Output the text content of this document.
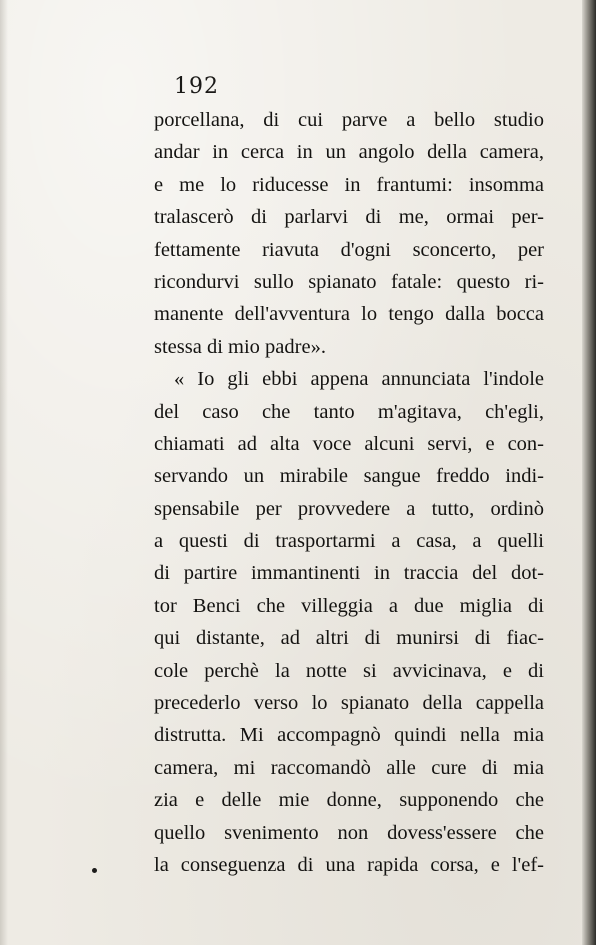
192
porcellana, di cui parve a bello studio
andar in cerca in un angolo della camera,
e me lo riducesse in frantumi: insomma
tralascerò di parlarvi di me, ormai per-
fettamente riavuta d'ogni sconcerto, per
ricondurvi sullo spianato fatale: questo ri-
manente dell'avventura lo tengo dalla bocca
stessa di mio padre».
« Io gli ebbi appena annunciata l'indole
del caso che tanto m'agitava, ch'egli,
chiamati ad alta voce alcuni servi, e con-
servando un mirabile sangue freddo indi-
spensabile per provvedere a tutto, ordinò
a questi di trasportarmi a casa, a quelli
di partire immantinenti in traccia del dot-
tor Benci che villeggia a due miglia di
qui distante, ad altri di munirsi di fiac-
cole perchè la notte si avvicinava, e di
precederlo verso lo spianato della cappella
distrutta. Mi accompagnò quindi nella mia
camera, mi raccomandò alle cure di mia
zia e delle mie donne, supponendo che
quello svenimento non dovess'essere che
la conseguenza di una rapida corsa, e l'ef-
